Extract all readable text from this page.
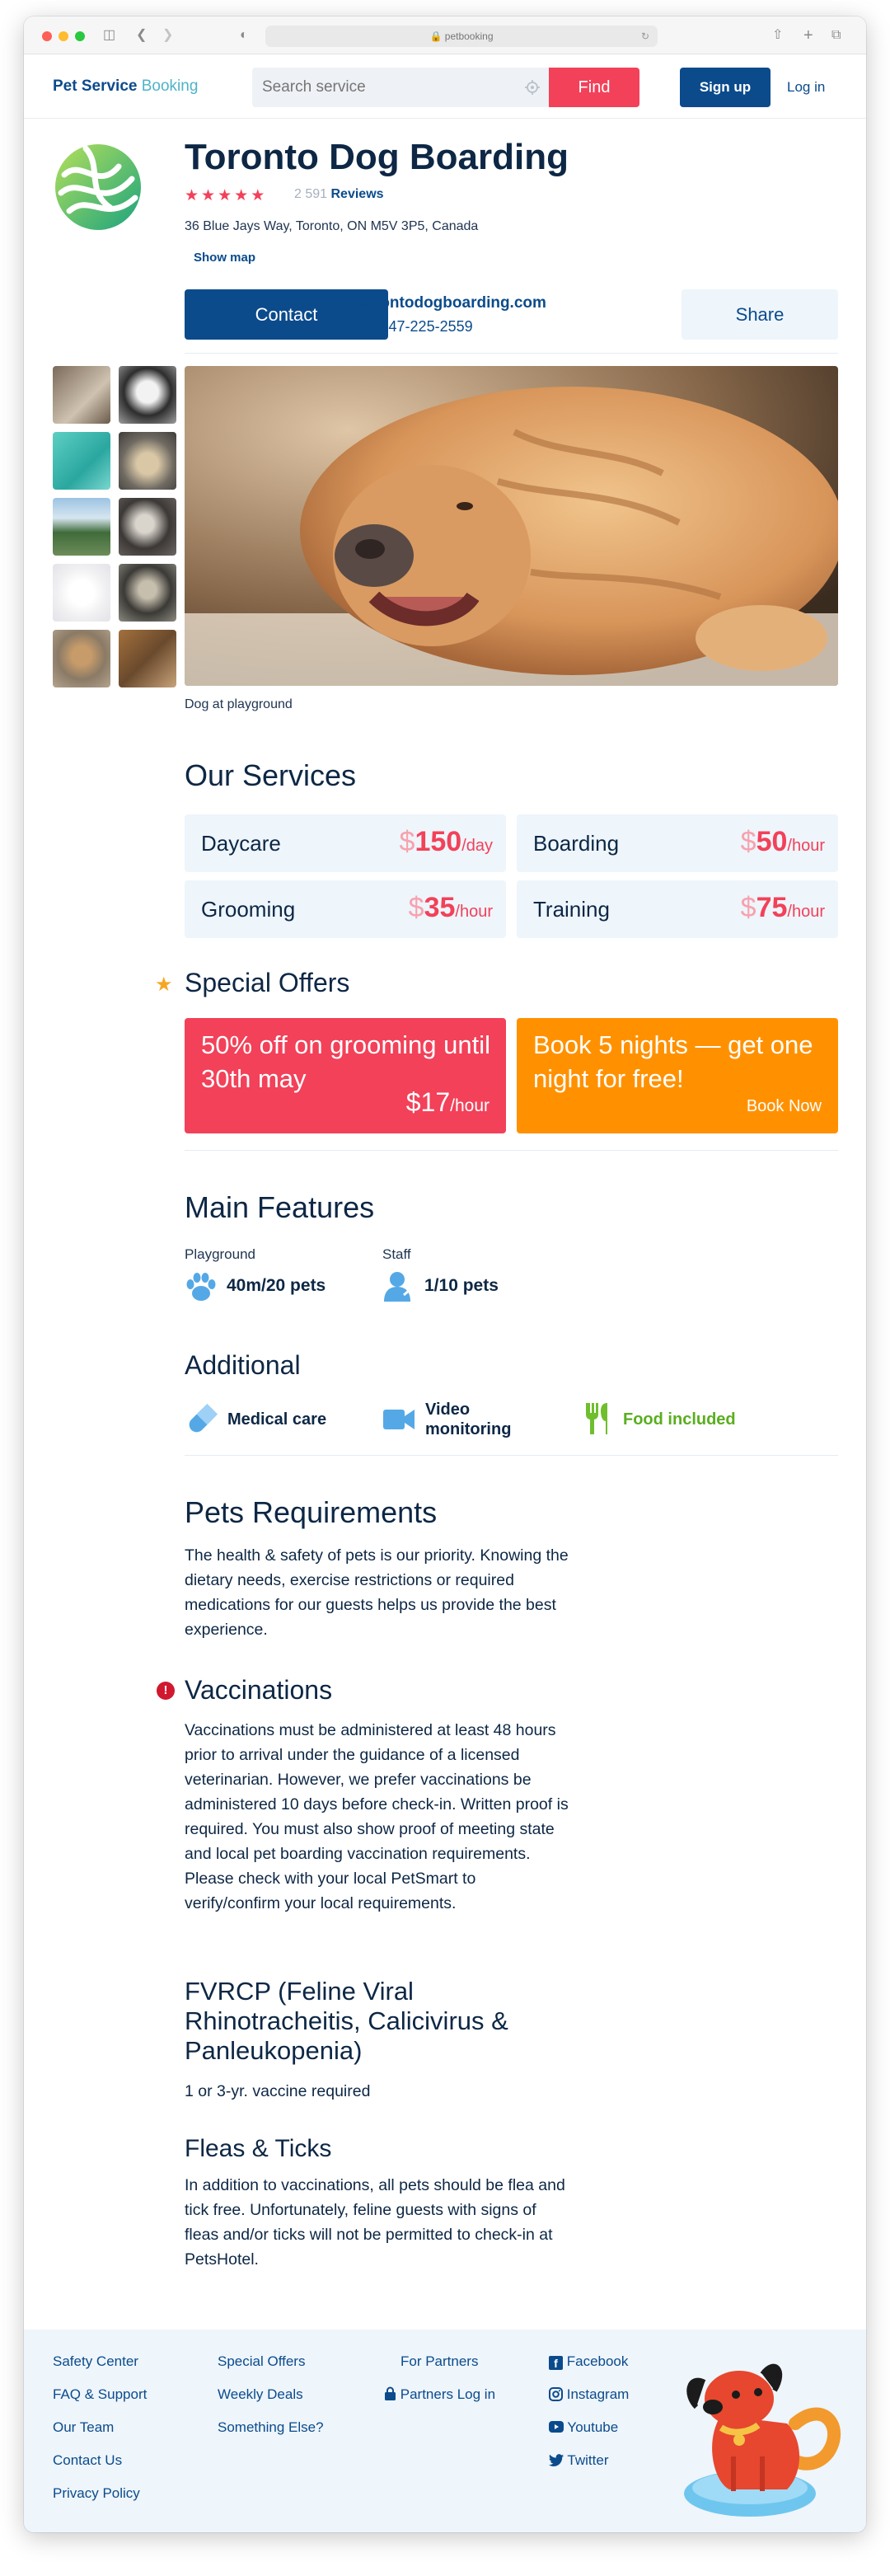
◫ ❮ ❯	◐	🔒 petbooking	↻	⇧ + ⧉
Pet Service Booking
Search service	Find	Sign up	Log in
Toronto Dog Boarding
★★★★★ 2 591 Reviews
36 Blue Jays Way, Toronto, ON M5V 3P5, Canada
Show map
Contact
torontodogboarding.com
+1 647-225-2559
Share
Dog at playground
Our Services
Daycare	$150/day Boarding	$50/hour
Grooming	$35/hour Training	$75/hour
★ Special Offers
50% off on grooming until 30th may
$17/hour
Book 5 nights — get one night for free!
Book Now
Main Features
Playground
40m/20 pets
Staff
1/10 pets
Additional
Medical care
Video monitoring
Food included
Pets Requirements
The health & safety of pets is our priority. Knowing the dietary needs, exercise restrictions or required medications for our guests helps us provide the best experience.
! Vaccinations
Vaccinations must be administered at least 48 hours prior to arrival under the guidance of a licensed veterinarian. However, we prefer vaccinations be administered 10 days before check-in. Written proof is required. You must also show proof of meeting state and local pet boarding vaccination requirements. Please check with your local PetSmart to verify/confirm your local requirements.
FVRCP (Feline Viral Rhinotracheitis, Calicivirus & Panleukopenia)
1 or 3-yr. vaccine required
Fleas & Ticks
In addition to vaccinations, all pets should be flea and tick free. Unfortunately, feline guests with signs of fleas and/or ticks will not be permitted to check-in at PetsHotel.
Safety Center
FAQ & Support
Our Team
Contact Us
Privacy Policy
Special Offers
Weekly Deals
Something Else?
For Partners
Partners Log in
f Facebook
Instagram
Youtube
Twitter
